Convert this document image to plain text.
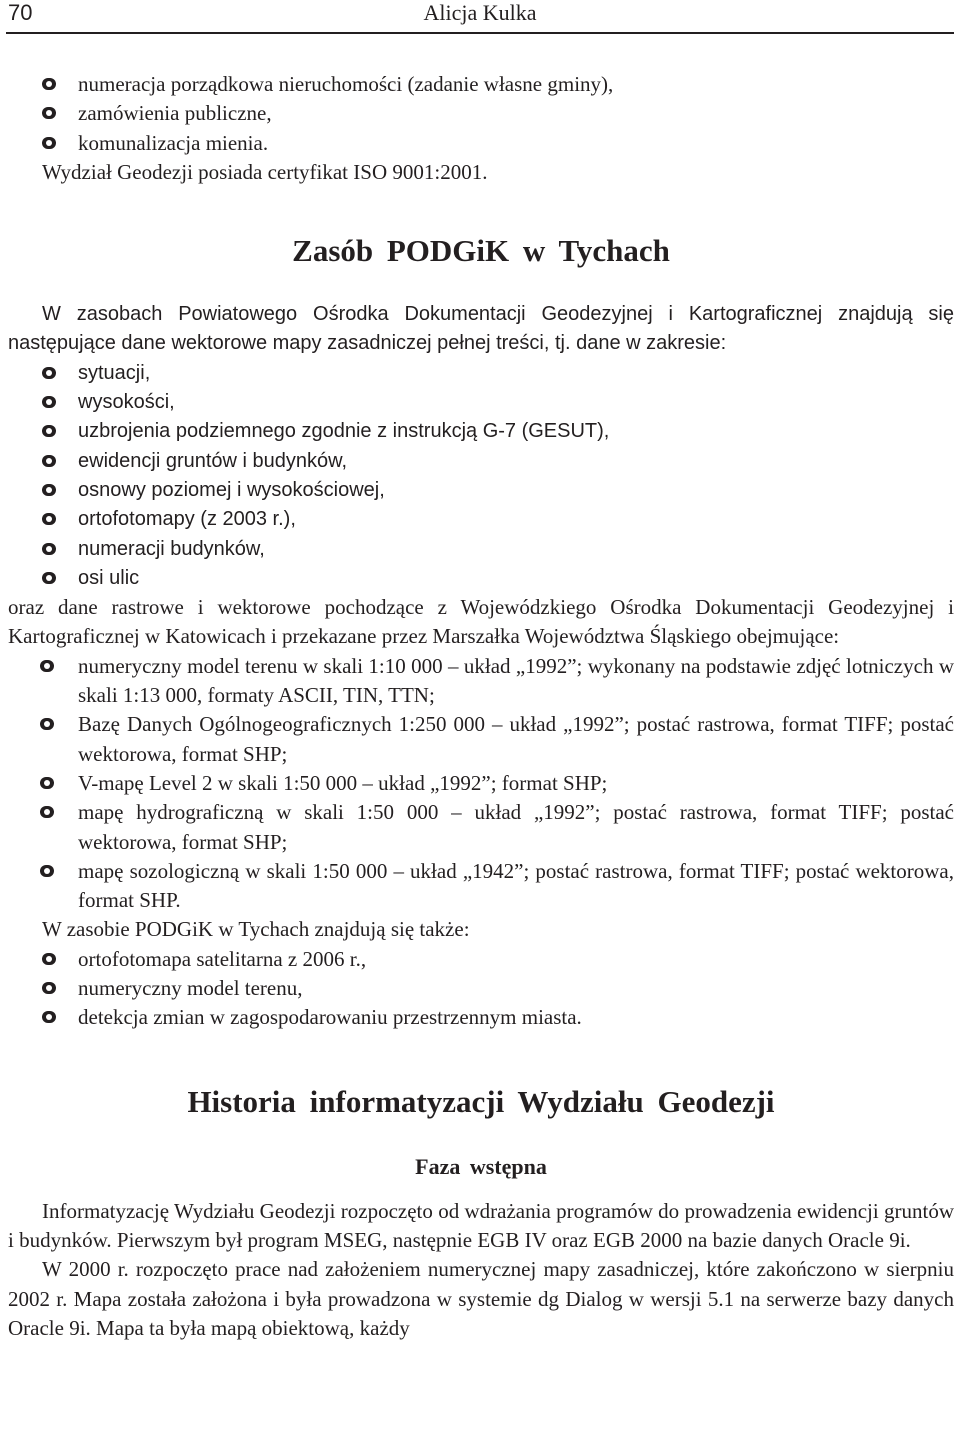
70	Alicja Kulka
numeracja porządkowa nieruchomości (zadanie własne gminy),
zamówienia publiczne,
komunalizacja mienia.

Wydział Geodezji posiada certyfikat ISO 9001:2001.

Zasób PODGiK w Tychach

W zasobach Powiatowego Ośrodka Dokumentacji Geodezyjnej i Kartograficznej znajdują się następujące dane wektorowe mapy zasadniczej pełnej treści, tj. dane w zakresie:

sytuacji,
wysokości,
uzbrojenia podziemnego zgodnie z instrukcją G-7 (GESUT),
ewidencji gruntów i budynków,
osnowy poziomej i wysokościowej,
ortofotomapy (z 2003 r.),
numeracji budynków,
osi ulic

oraz dane rastrowe i wektorowe pochodzące z Wojewódzkiego Ośrodka Dokumentacji Geodezyjnej i Kartograficznej w Katowicach i przekazane przez Marszałka Województwa Śląskiego obejmujące:

numeryczny model terenu w skali 1:10 000 – układ „1992”; wykonany na podstawie zdjęć lotniczych w skali 1:13 000, formaty ASCII, TIN, TTN;
Bazę Danych Ogólnogeograficznych 1:250 000 – układ „1992”; postać rastrowa, format TIFF; postać wektorowa, format SHP;
V-mapę Level 2 w skali 1:50 000 – układ „1992”; format SHP;
mapę hydrograficzną w skali 1:50 000 – układ „1992”; postać rastrowa, format TIFF; postać wektorowa, format SHP;
mapę sozologiczną w skali 1:50 000 – układ „1942”; postać rastrowa, format TIFF; postać wektorowa, format SHP.

W zasobie PODGiK w Tychach znajdują się także:

ortofotomapa satelitarna z 2006 r.,
numeryczny model terenu,
detekcja zmian w zagospodarowaniu przestrzennym miasta.
Historia informatyzacji Wydziału Geodezji
Faza wstępna

Informatyzację Wydziału Geodezji rozpoczęto od wdrażania programów do prowadzenia ewidencji gruntów i budynków. Pierwszym był program MSEG, następnie EGB IV oraz EGB 2000 na bazie danych Oracle 9i.

W 2000 r. rozpoczęto prace nad założeniem numerycznej mapy zasadniczej, które zakończono w sierpniu 2002 r. Mapa została założona i była prowadzona w systemie dg Dialog w wersji 5.1 na serwerze bazy danych Oracle 9i. Mapa ta była mapą obiektową, każdy
